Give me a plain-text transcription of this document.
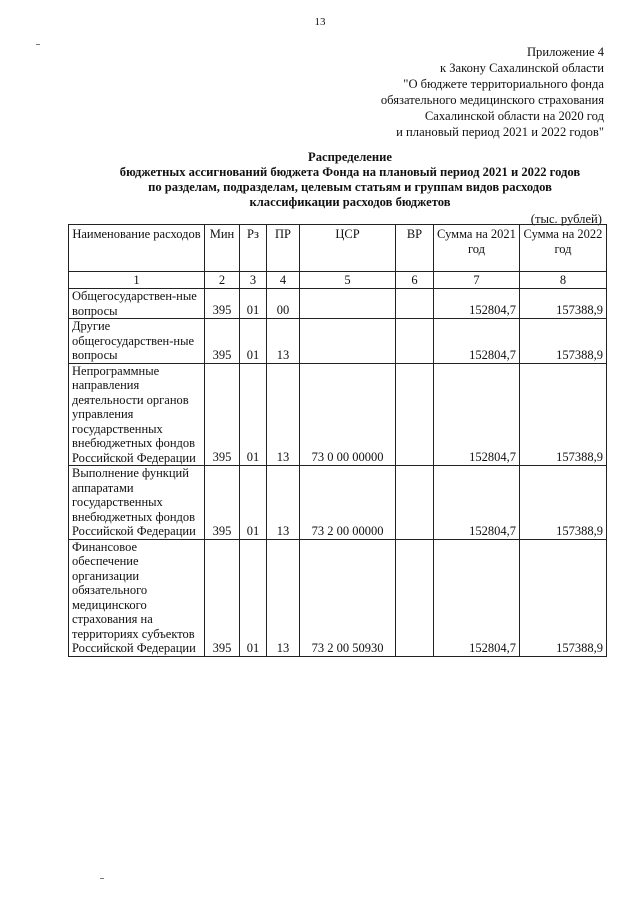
13
Приложение 4
к Закону Сахалинской области
"О бюджете территориального фонда
обязательного медицинского страхования
Сахалинской области на 2020 год
и плановый период 2021 и 2022 годов"
Распределение
бюджетных ассигнований бюджета Фонда на плановый период 2021 и 2022 годов
по разделам, подразделам, целевым статьям и группам видов расходов
классификации расходов бюджетов
(тыс. рублей)
Наименование расходов	Мин	Рз	ПР	ЦСР	ВР	Сумма на 2021 год	Сумма на 2022 год
1	2	3	4	5	6	7	8
Общегосударствен-ные вопросы	395	01	00			152804,7	157388,9
Другие общегосударствен-ные вопросы	395	01	13			152804,7	157388,9
Непрограммные направления деятельности органов управления государственных внебюджетных фондов Российской Федерации	395	01	13	73 0 00 00000		152804,7	157388,9
Выполнение функций аппаратами государственных внебюджетных фондов Российской Федерации	395	01	13	73 2 00 00000		152804,7	157388,9
Финансовое обеспечение организации обязательного медицинского страхования на территориях субъектов Российской Федерации	395	01	13	73 2 00 50930		152804,7	157388,9
